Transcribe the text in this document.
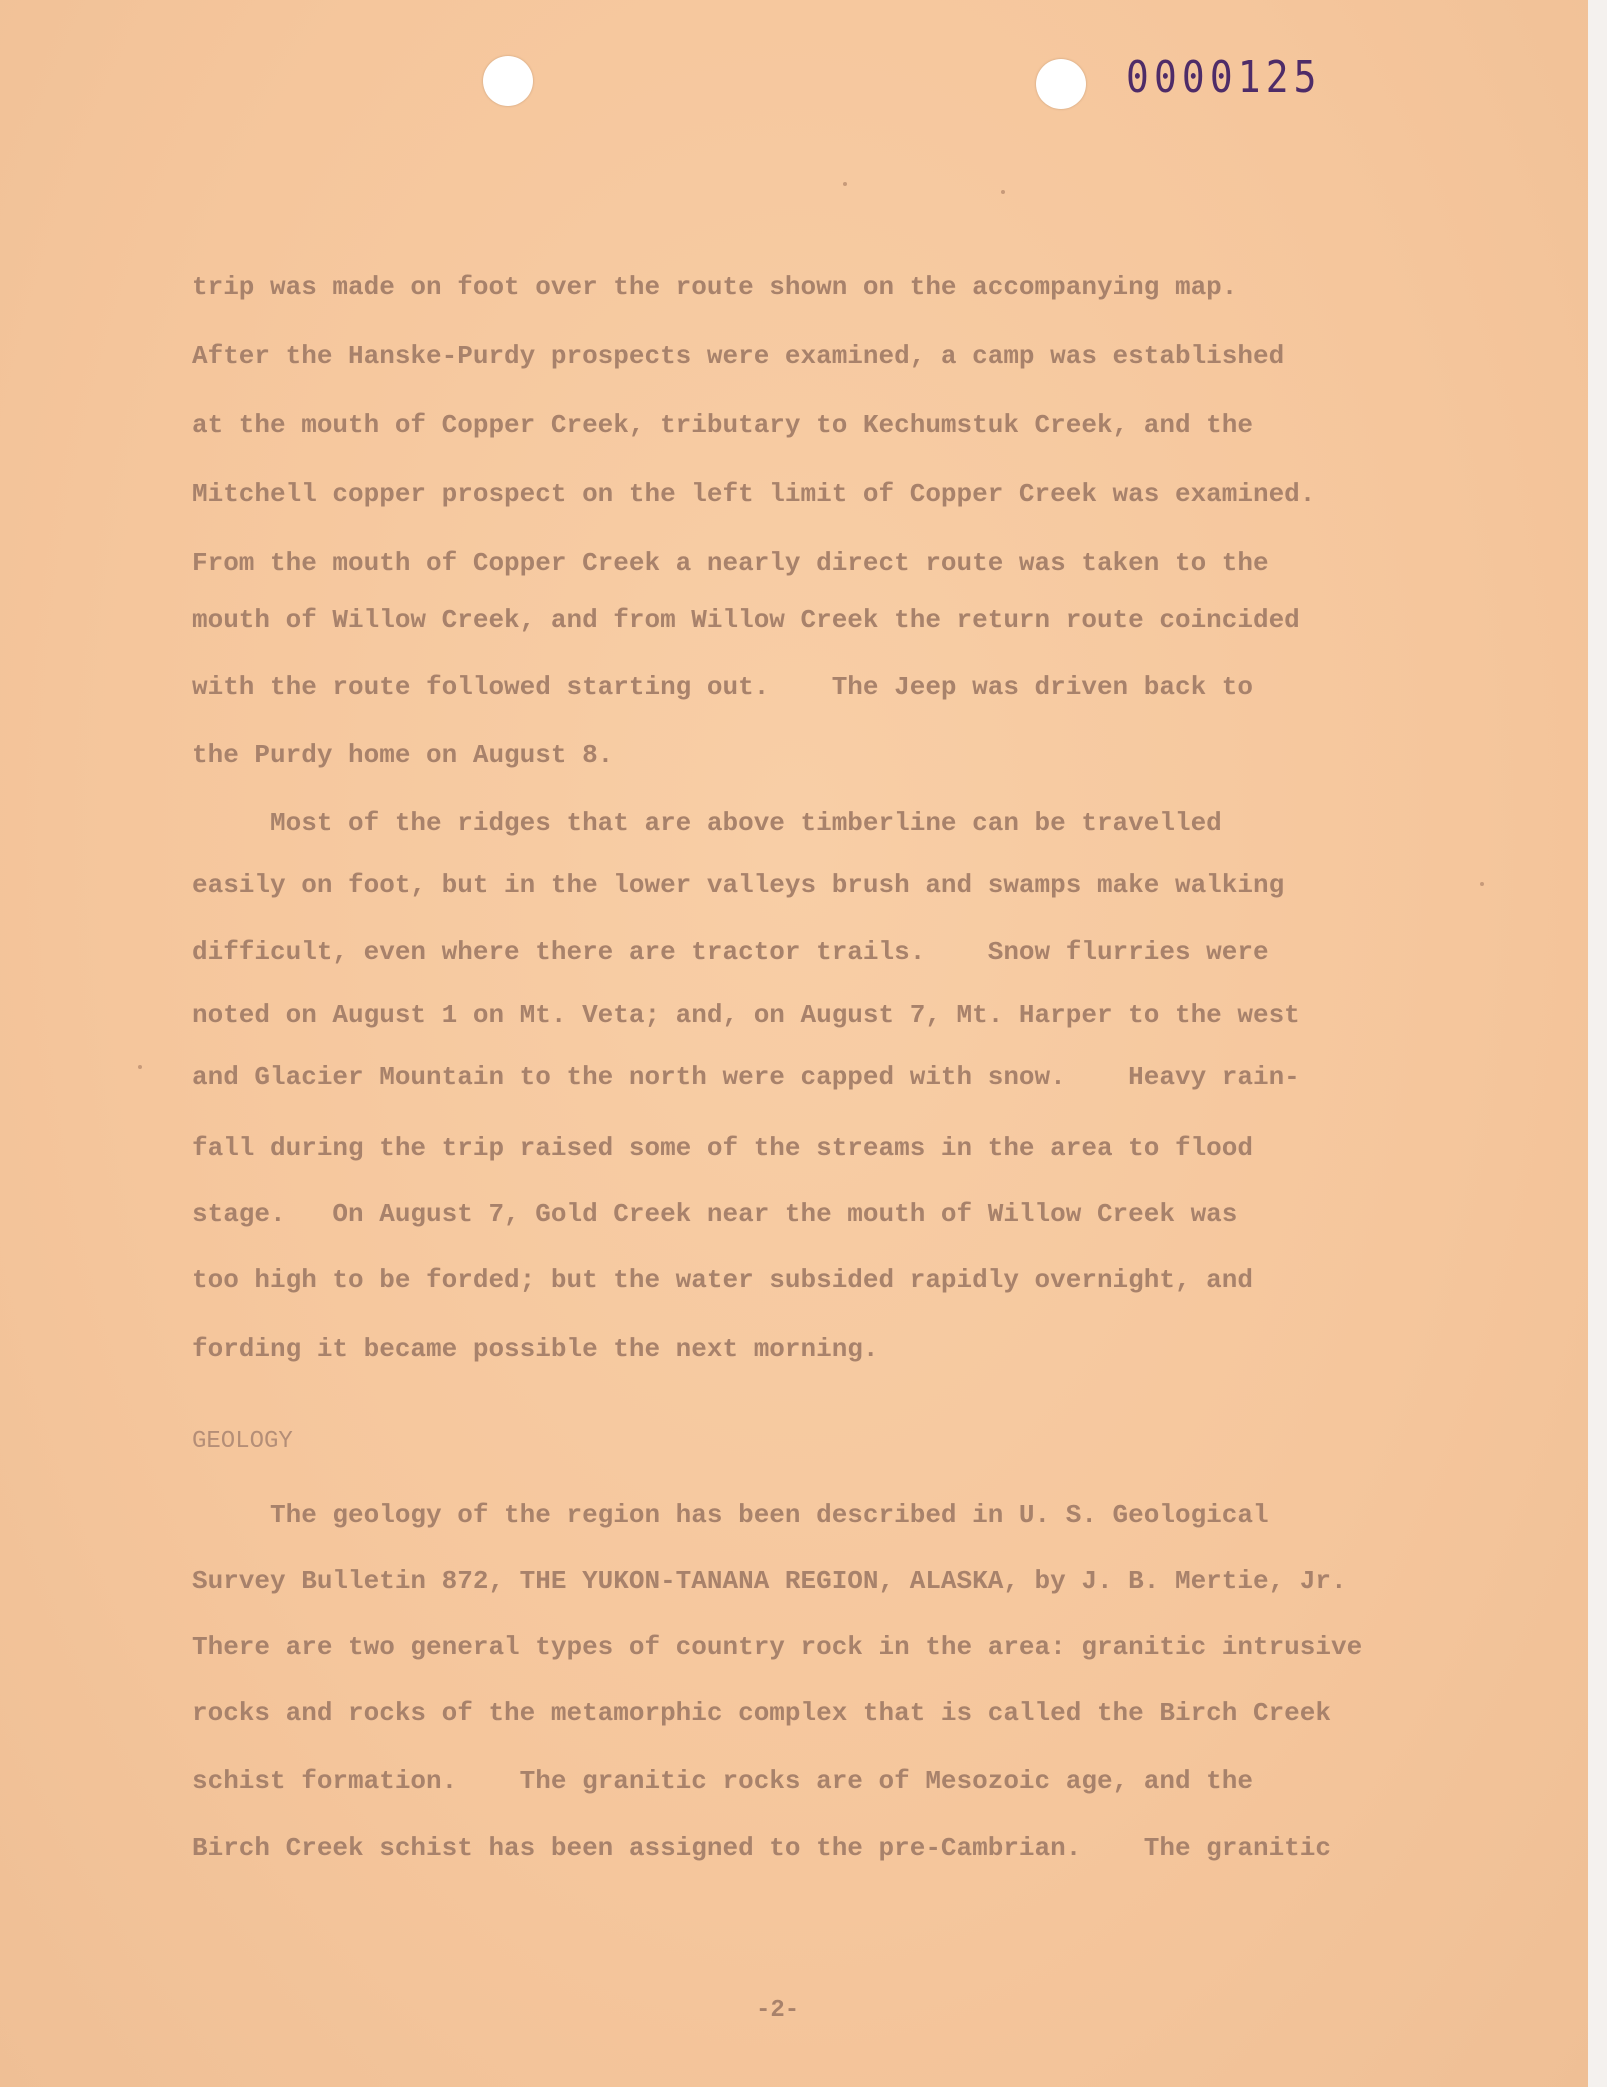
0000125

trip was made on foot over the route shown on the accompanying map.

After the Hanske-Purdy prospects were examined, a camp was established

at the mouth of Copper Creek, tributary to Kechumstuk Creek, and the

Mitchell copper prospect on the left limit of Copper Creek was examined.

From the mouth of Copper Creek a nearly direct route was taken to the

mouth of Willow Creek, and from Willow Creek the return route coincided

with the route followed starting out.    The Jeep was driven back to

the Purdy home on August 8.

Most of the ridges that are above timberline can be travelled

easily on foot, but in the lower valleys brush and swamps make walking

difficult, even where there are tractor trails.    Snow flurries were

noted on August 1 on Mt. Veta; and, on August 7, Mt. Harper to the west

and Glacier Mountain to the north were capped with snow.    Heavy rain-

fall during the trip raised some of the streams in the area to flood

stage.   On August 7, Gold Creek near the mouth of Willow Creek was

too high to be forded; but the water subsided rapidly overnight, and

fording it became possible the next morning.

GEOLOGY

The geology of the region has been described in U. S. Geological

Survey Bulletin 872, THE YUKON-TANANA REGION, ALASKA, by J. B. Mertie, Jr.

There are two general types of country rock in the area: granitic intrusive

rocks and rocks of the metamorphic complex that is called the Birch Creek

schist formation.    The granitic rocks are of Mesozoic age, and the

Birch Creek schist has been assigned to the pre-Cambrian.    The granitic

-2-
